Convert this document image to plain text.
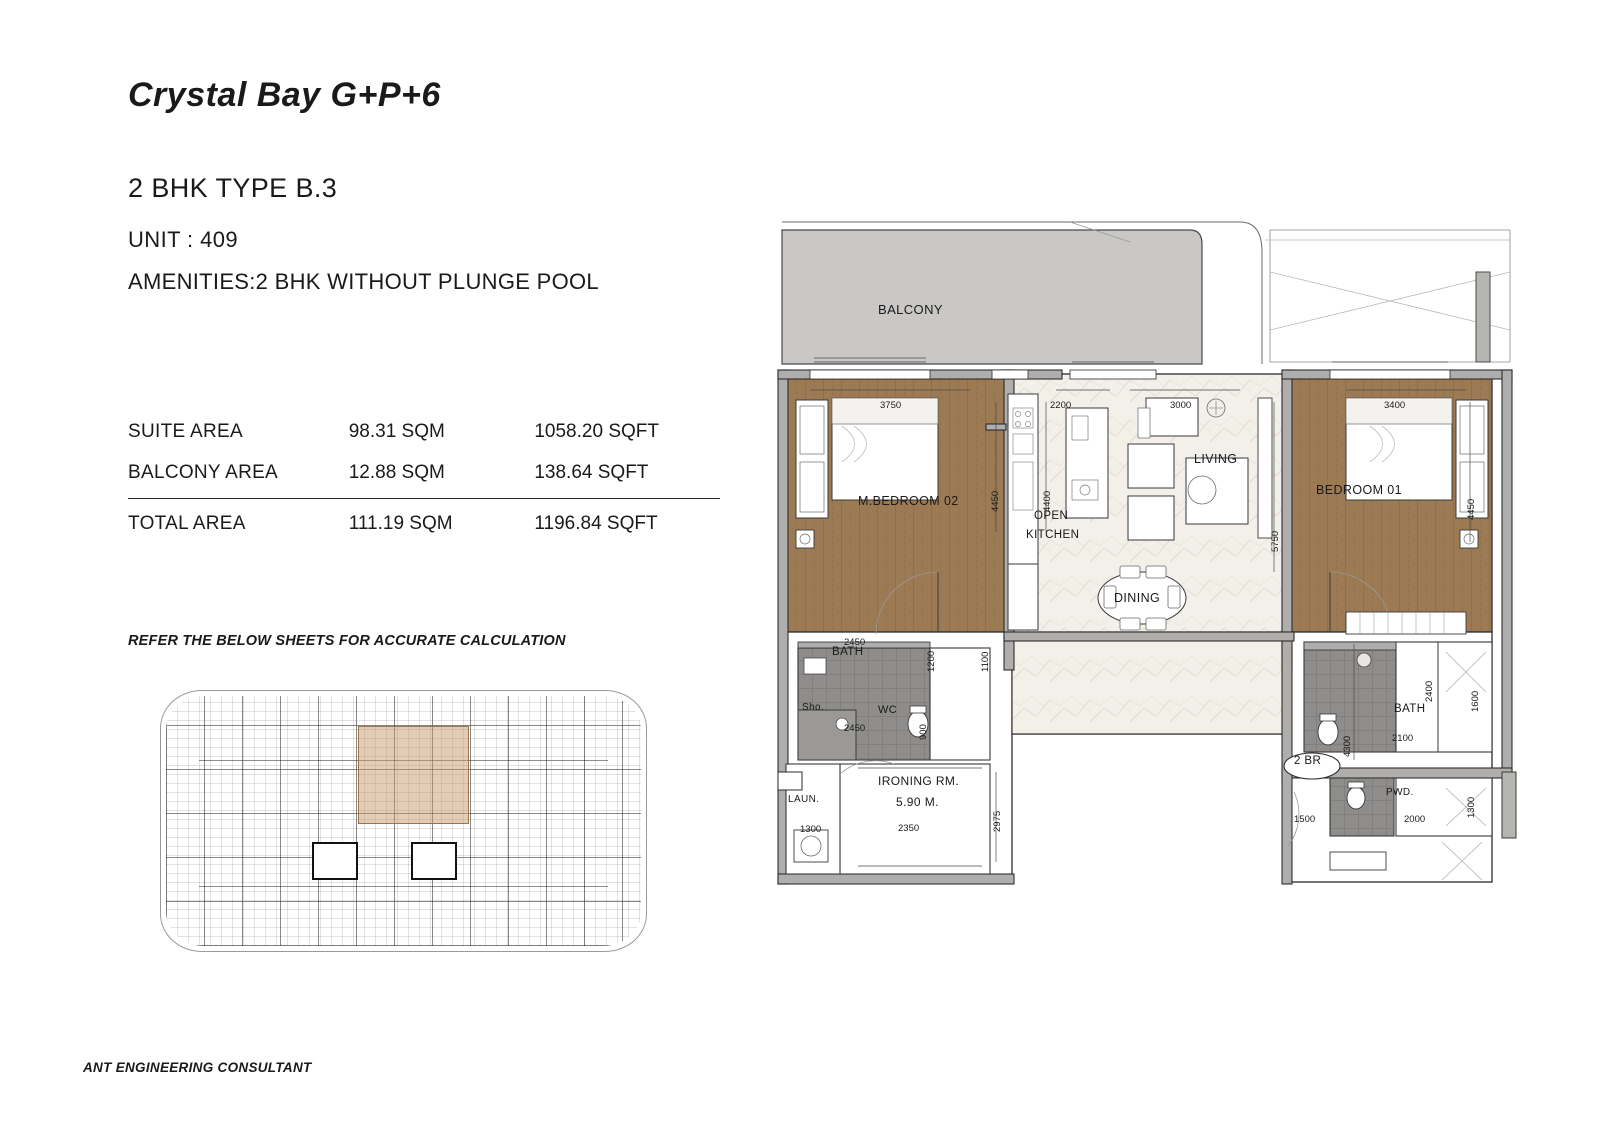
Crystal Bay G+P+6
2 BHK TYPE B.3
UNIT : 409
AMENITIES:2 BHK WITHOUT PLUNGE POOL
SUITE AREA	98.31 SQM	1058.20 SQFT
BALCONY AREA	12.88 SQM	138.64 SQFT
TOTAL AREA	111.19 SQM	1196.84 SQFT
REFER THE BELOW SHEETS FOR ACCURATE CALCULATION
ANT ENGINEERING CONSULTANT
BALCONY
M.BEDROOM 02
OPEN
KITCHEN
LIVING
DINING
BEDROOM 01
BATH
Sho.	WC
IRONING RM.
5.90 M.
LAUN.
BATH
PWD.
2 BR
3750	2200	3000	3400
2450
2450
2350
1300
1500	2000
2100
4450	4400
5750
4450
1200	1100
900
2975
4300
2400	1600
1300
